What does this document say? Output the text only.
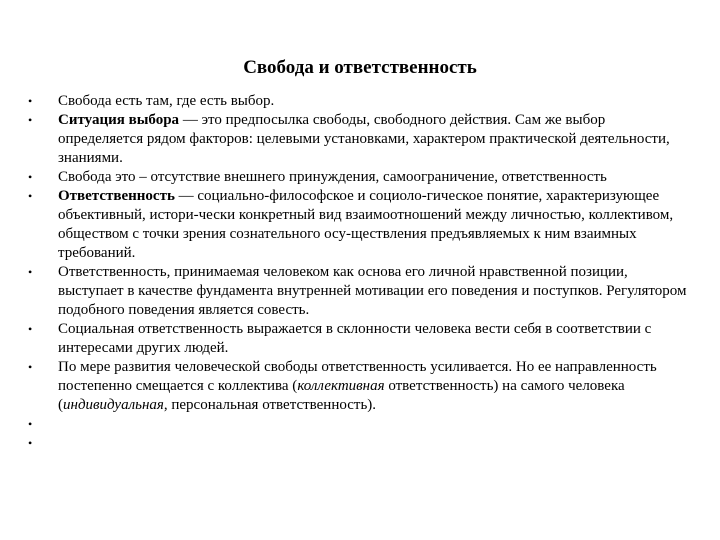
Свобода и ответственность
•	Свобода есть там, где есть выбор.
•	Ситуация выбора — это предпосылка свободы, свободного действия. Сам же выбор определяется рядом факторов: целевыми установками, характером практической деятельности, знаниями.
•	Свобода это – отсутствие внешнего принуждения, самоограничение, ответственность
•	Ответственность — социально-философское и социоло-гическое понятие, характеризующее объективный, истори-чески конкретный вид взаимоотношений между личностью, коллективом, обществом с точки зрения сознательного осу-ществления предъявляемых к ним взаимных требований.
•	Ответственность, принимаемая человеком как основа его личной нравственной позиции, выступает в качестве фундамента внутренней мотивации его поведения и поступков. Регулятором подобного поведения является совесть.
•	Социальная ответственность выражается в склонности человека вести себя в соответствии с интересами других людей.
•	По мере развития человеческой свободы ответственность усиливается. Но ее направленность постепенно смещается с коллектива (коллективная ответственность) на самого человека (индивидуальная, персональная ответственность).
•
•
